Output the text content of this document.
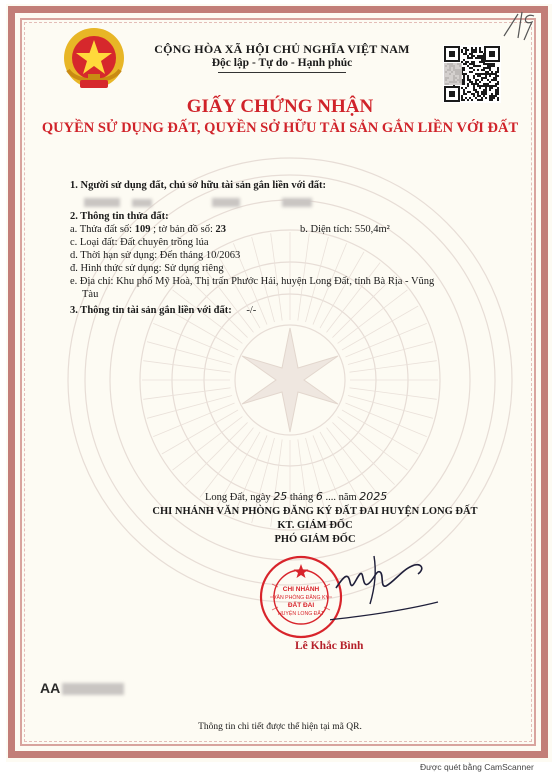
CỘNG HÒA XÃ HỘI CHỦ NGHĨA VIỆT NAM
Độc lập - Tự do - Hạnh phúc
GIẤY CHỨNG NHẬN
QUYỀN SỬ DỤNG ĐẤT, QUYỀN SỞ HỮU TÀI SẢN GẮN LIỀN VỚI ĐẤT
1. Người sử dụng đất, chủ sở hữu tài sản gắn liền với đất:
2. Thông tin thửa đất:
a. Thửa đất số: 109 ; tờ bản đồ số: 23	b. Diện tích: 550,4m²
c. Loại đất: Đất chuyên trồng lúa
d. Thời hạn sử dụng: Đến tháng 10/2063
đ. Hình thức sử dụng: Sử dụng riêng
e. Địa chỉ: Khu phố Mỹ Hoà, Thị trấn Phước Hải, huyện Long Đất, tỉnh Bà Rịa - Vũng
Tàu
3. Thông tin tài sản gắn liền với đất: -/-
Long Đất, ngày 25 tháng 6 .... năm 2025
CHI NHÁNH VĂN PHÒNG ĐĂNG KÝ ĐẤT ĐAI HUYỆN LONG ĐẤT
KT. GIÁM ĐỐC
PHÓ GIÁM ĐỐC
CHI NHÁNH
VĂN PHÒNG ĐĂNG KÝ
ĐẤT ĐAI
HUYỆN LONG ĐẤT
Lê Khắc Bình
AA
Thông tin chi tiết được thể hiện tại mã QR.
Được quét bằng CamScanner
